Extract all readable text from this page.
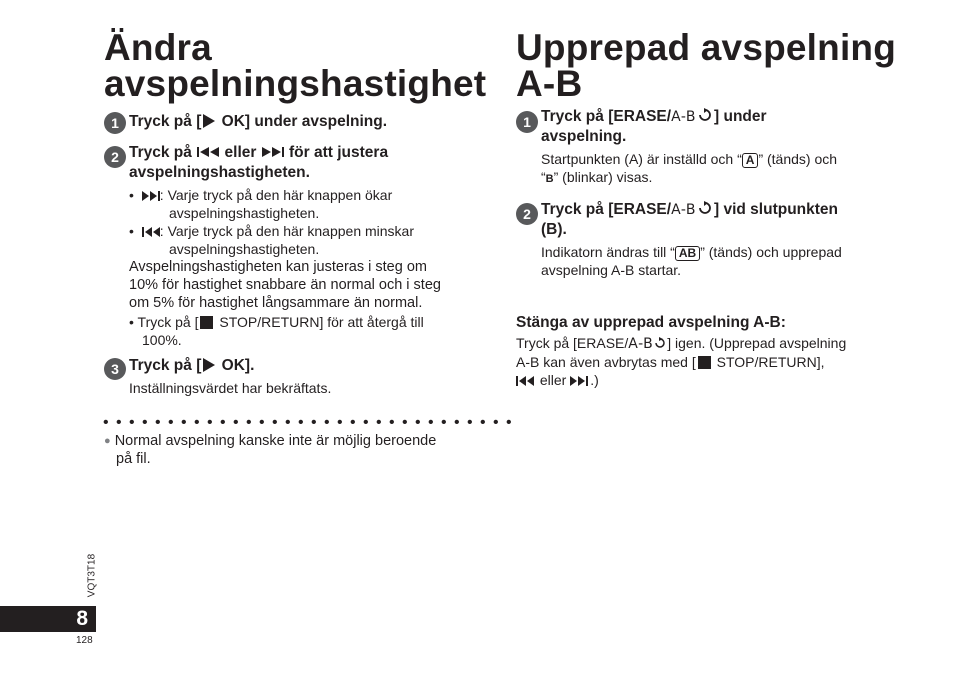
Ändra
avspelningshastighet
1 Tryck på [ OK] under avspelning.
2 Tryck på  eller  för att justera
avspelningshastigheten.
• : Varje tryck på den här knappen ökar
avspelningshastigheten.
• : Varje tryck på den här knappen minskar
avspelningshastigheten.
Avspelningshastigheten kan justeras i steg om
10% för hastighet snabbare än normal och i steg
om 5% för hastighet långsammare än normal.
• Tryck på [ STOP/RETURN] för att återgå till
100%.
3 Tryck på [ OK].
Inställningsvärdet har bekräftats.
••••••••••••••••••••••••••••••••
● Normal avspelning kanske inte är möjlig beroende
på fil.
Upprepad avspelning
A-B
1 Tryck på [ERASE/A-B ] under
avspelning.
Startpunkten (A) är inställd och “ A ” (tänds) och
“B” (blinkar) visas.
2 Tryck på [ERASE/A-B ] vid slutpunkten
(B).
Indikatorn ändras till “ AB ” (tänds) och upprepad
avspelning A-B startar.
Stänga av upprepad avspelning A-B:
Tryck på [ERASE/A-B ] igen. (Upprepad avspelning
A-B kan även avbrytas med [ STOP/RETURN],
eller .)
VQT3T18
8
128
